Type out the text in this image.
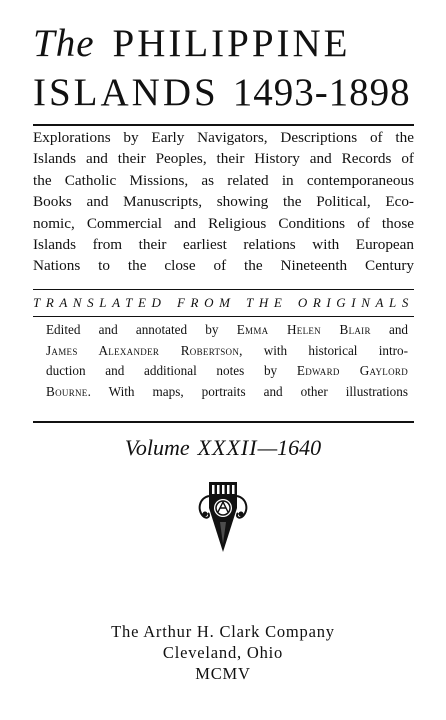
The PHILIPPINE
ISLANDS 1493-1898
Explorations by Early Navigators, Descriptions of the
Islands and their Peoples, their History and Records of
the Catholic Missions, as related in contemporaneous
Books and Manuscripts, showing the Political, Eco-
nomic, Commercial and Religious Conditions of those
Islands from their earliest relations with European
Nations to the close of the Nineteenth Century
TRANSLATED FROM THE ORIGINALS
Edited and annotated by Emma Helen Blair and
James Alexander Robertson, with historical intro-
duction and additional notes by Edward Gaylord
Bourne. With maps, portraits and other illustrations
Volume XXXII—1640
The Arthur H. Clark Company
Cleveland, Ohio
MCMV
